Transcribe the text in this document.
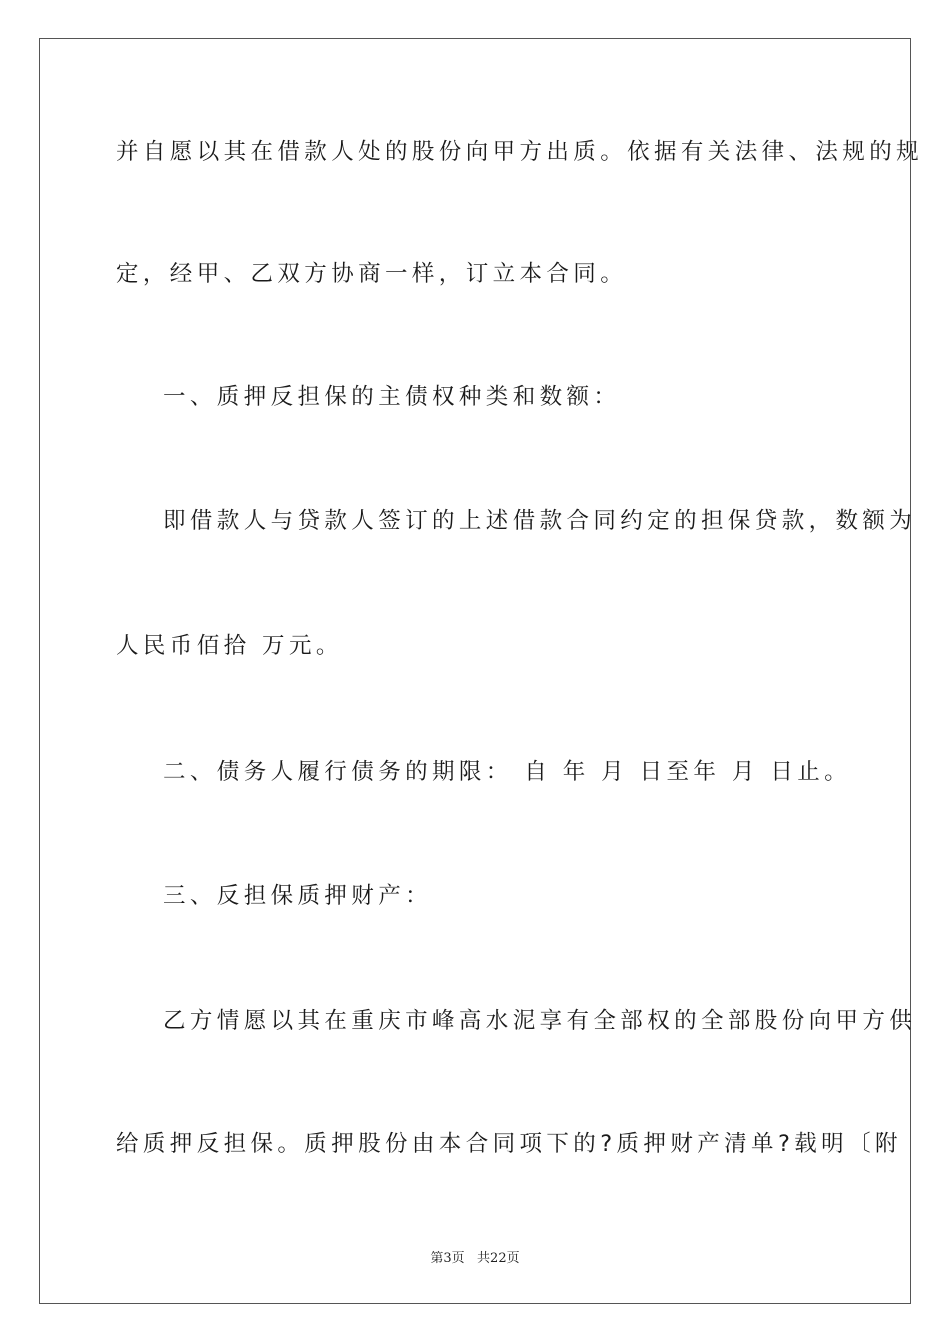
并自愿以其在借款人处的股份向甲方出质。依据有关法律、法规的规
定，经甲、乙双方协商一样，订立本合同。
一、质押反担保的主债权种类和数额：
即借款人与贷款人签订的上述借款合同约定的担保贷款，数额为
人民币佰拾 万元。
二、债务人履行债务的期限： 自 年 月 日至年 月 日止。
三、反担保质押财产：
乙方情愿以其在重庆市峰高水泥享有全部权的全部股份向甲方供
给质押反担保。质押股份由本合同项下的?质押财产清单?载明〔附
第3页   共22页
